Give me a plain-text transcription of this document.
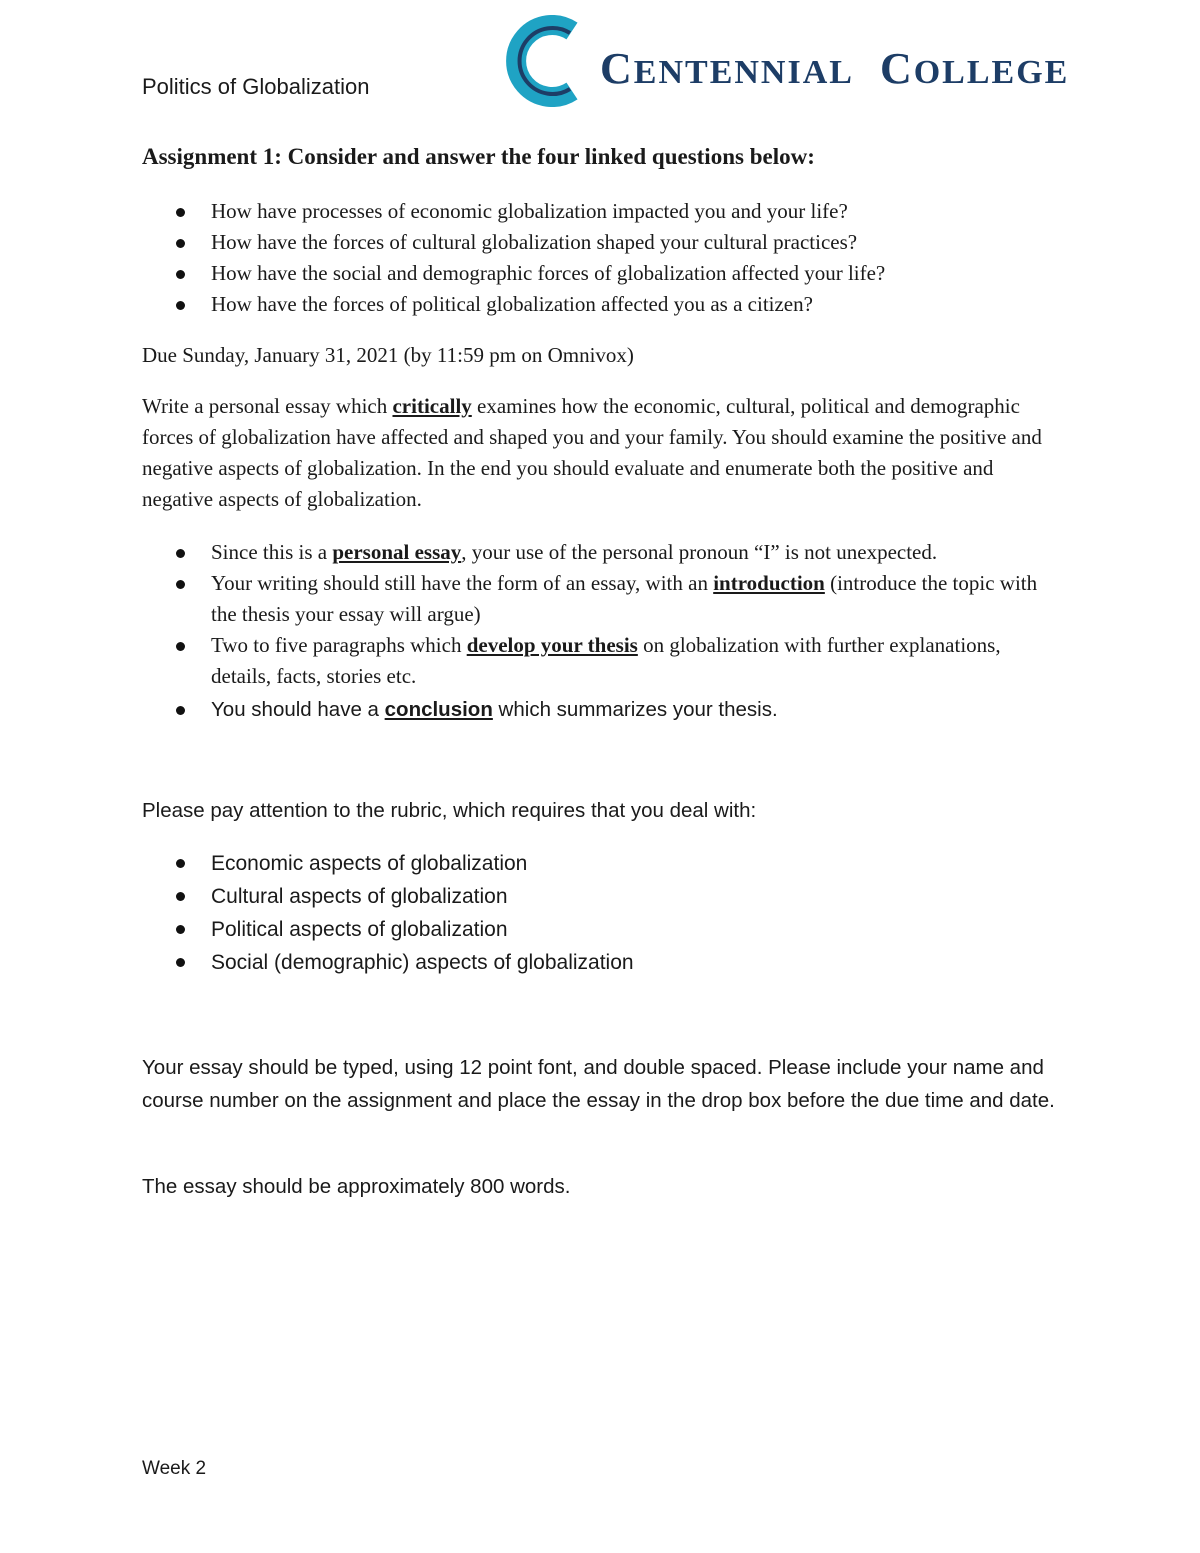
Politics of Globalization	CENTENNIAL COLLEGE
Assignment 1: Consider and answer the four linked questions below:
How have processes of economic globalization impacted you and your life?
How have the forces of cultural globalization shaped your cultural practices?
How have the social and demographic forces of globalization affected your life?
How have the forces of political globalization affected you as a citizen?

Due Sunday, January 31, 2021 (by 11:59 pm on Omnivox)

Write a personal essay which critically examines how the economic, cultural, political and demographic forces of globalization have affected and shaped you and your family. You should examine the positive and negative aspects of globalization. In the end you should evaluate and enumerate both the positive and negative aspects of globalization.

Since this is a personal essay, your use of the personal pronoun “I” is not unexpected.
Your writing should still have the form of an essay, with an introduction (introduce the topic with the thesis your essay will argue)
Two to five paragraphs which develop your thesis on globalization with further explanations, details, facts, stories etc.
You should have a conclusion which summarizes your thesis.

Please pay attention to the rubric, which requires that you deal with:

Economic aspects of globalization
Cultural aspects of globalization
Political aspects of globalization
Social (demographic) aspects of globalization

Your essay should be typed, using 12 point font, and double spaced. Please include your name and course number on the assignment and place the essay in the drop box before the due time and date.

The essay should be approximately 800 words.

Week 2
